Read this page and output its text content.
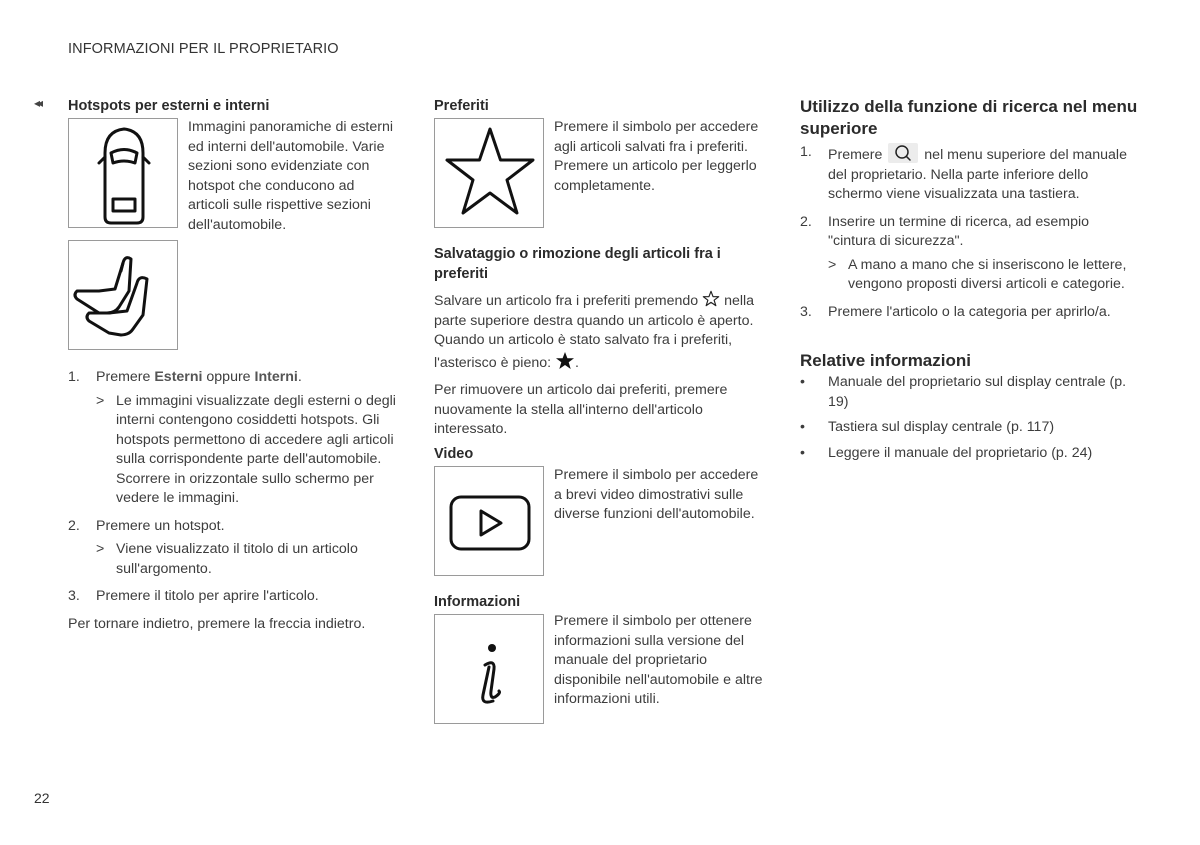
INFORMAZIONI PER IL PROPRIETARIO
22
◂◂ Hotspots per esterni e interni
Immagini panoramiche di esterni ed interni dell'automobile. Varie sezioni sono evidenziate con hotspot che conducono ad articoli sulle rispettive sezioni dell'automobile.
1. Premere Esterni oppure Interni.
> Le immagini visualizzate degli esterni o degli interni contengono cosiddetti hotspots. Gli hotspots permettono di accedere agli articoli sulla corrispondente parte dell'automobile. Scorrere in orizzontale sullo schermo per vedere le immagini.
2. Premere un hotspot.
> Viene visualizzato il titolo di un articolo sull'argomento.
3. Premere il titolo per aprire l'articolo.
Per tornare indietro, premere la freccia indietro.
Preferiti
Premere il simbolo per accedere agli articoli salvati fra i preferiti. Premere un articolo per leggerlo completamente.
Salvataggio o rimozione degli articoli fra i preferiti
Salvare un articolo fra i preferiti premendo  nella parte superiore destra quando un articolo è aperto. Quando un articolo è stato salvato fra i preferiti, l'asterisco è pieno: .
Per rimuovere un articolo dai preferiti, premere nuovamente la stella all'interno dell'articolo interessato.
Video
Premere il simbolo per accedere a brevi video dimostrativi sulle diverse funzioni dell'automobile.
Informazioni
Premere il simbolo per ottenere informazioni sulla versione del manuale del proprietario disponibile nell'automobile e altre informazioni utili.
Utilizzo della funzione di ricerca nel menu superiore
1. Premere  nel menu superiore del manuale del proprietario. Nella parte inferiore dello schermo viene visualizzata una tastiera.
2. Inserire un termine di ricerca, ad esempio "cintura di sicurezza".
> A mano a mano che si inseriscono le lettere, vengono proposti diversi articoli e categorie.
3. Premere l'articolo o la categoria per aprirlo/a.
Relative informazioni
• Manuale del proprietario sul display centrale (p. 19)
• Tastiera sul display centrale (p. 117)
• Leggere il manuale del proprietario (p. 24)
